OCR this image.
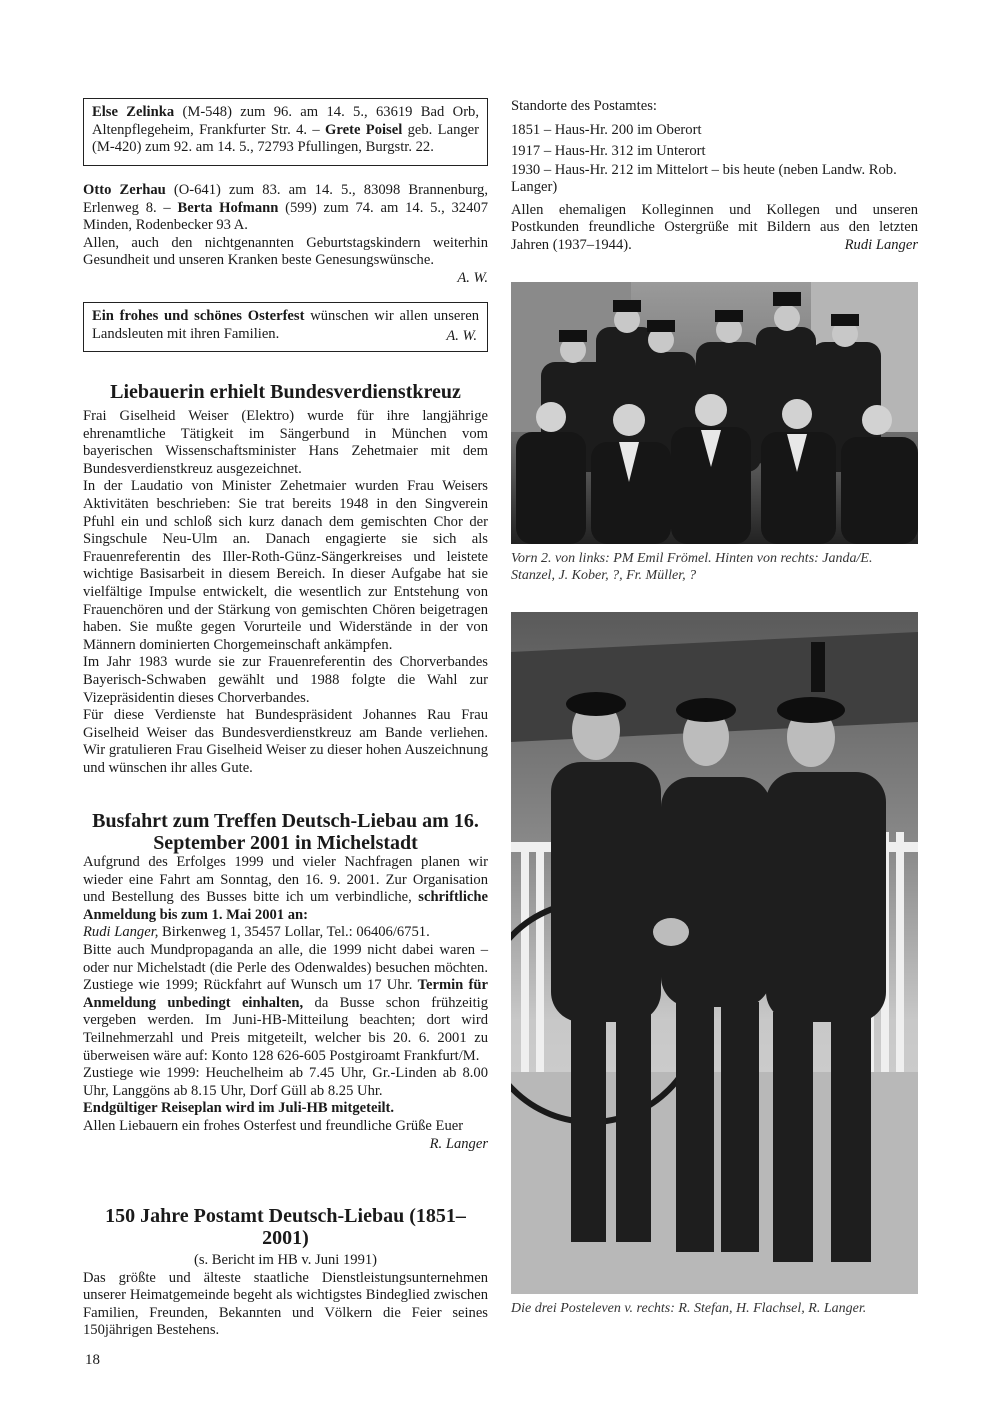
Else Zelinka (M-548) zum 96. am 14. 5., 63619 Bad Orb, Altenpflegeheim, Frankfurter Str. 4. – Grete Poisel geb. Langer (M-420) zum 92. am 14. 5., 72793 Pfullingen, Burgstr. 22.

Otto Zerhau (O-641) zum 83. am 14. 5., 83098 Brannenburg, Erlenweg 8. – Berta Hofmann (599) zum 74. am 14. 5., 32407 Minden, Rodenbecker 93 A.

Allen, auch den nichtgenannten Geburtstagskindern weiterhin Gesundheit und unseren Kranken beste Genesungswünsche.

A. W.

Ein frohes und schönes Osterfest wünschen wir allen unseren Landsleuten mit ihren Familien.	A. W.
Liebauerin erhielt Bundesverdienstkreuz

Frai Giselheid Weiser (Elektro) wurde für ihre langjährige ehrenamtliche Tätigkeit im Sängerbund in München vom bayerischen Wissenschaftsminister Hans Zehetmaier mit dem Bundesverdienstkreuz ausgezeichnet.

In der Laudatio von Minister Zehetmaier wurden Frau Weisers Aktivitäten beschrieben: Sie trat bereits 1948 in den Singverein Pfuhl ein und schloß sich kurz danach dem gemischten Chor der Singschule Neu-Ulm an. Danach engagierte sie sich als Frauenreferentin des Iller-Roth-Günz-Sängerkreises und leistete wichtige Basisarbeit in diesem Bereich. In dieser Aufgabe hat sie vielfältige Impulse entwickelt, die wesentlich zur Entstehung von Frauenchören und der Stärkung von gemischten Chören beigetragen haben. Sie mußte gegen Vorurteile und Widerstände in der von Männern dominierten Chorgemeinschaft ankämpfen.

Im Jahr 1983 wurde sie zur Frauenreferentin des Chorverbandes Bayerisch-Schwaben gewählt und 1988 folgte die Wahl zur Vizepräsidentin dieses Chorverbandes.

Für diese Verdienste hat Bundespräsident Johannes Rau Frau Giselheid Weiser das Bundesverdienstkreuz am Bande verliehen. Wir gratulieren Frau Giselheid Weiser zu dieser hohen Auszeichnung und wünschen ihr alles Gute.

Busfahrt zum Treffen Deutsch-Liebau am 16. September 2001 in Michelstadt

Aufgrund des Erfolges 1999 und vieler Nachfragen planen wir wieder eine Fahrt am Sonntag, den 16. 9. 2001. Zur Organisation und Bestellung des Busses bitte ich um verbindliche, schriftliche Anmeldung bis zum 1. Mai 2001 an:

Rudi Langer, Birkenweg 1, 35457 Lollar, Tel.: 06406/6751.

Bitte auch Mundpropaganda an alle, die 1999 nicht dabei waren – oder nur Michelstadt (die Perle des Odenwaldes) besuchen möchten. Zustiege wie 1999; Rückfahrt auf Wunsch um 17 Uhr. Termin für Anmeldung unbedingt einhalten, da Busse schon frühzeitig vergeben werden. Im Juni-HB-Mitteilung beachten; dort wird Teilnehmerzahl und Preis mitgeteilt, welcher bis 20. 6. 2001 zu überweisen wäre auf: Konto 128 626-605 Postgiroamt Frankfurt/M.

Zustiege wie 1999: Heuchelheim ab 7.45 Uhr, Gr.-Linden ab 8.00 Uhr, Langgöns ab 8.15 Uhr, Dorf Güll ab 8.25 Uhr.

Endgültiger Reiseplan wird im Juli-HB mitgeteilt.

Allen Liebauern ein frohes Osterfest und freundliche Grüße Euer

R. Langer

150 Jahre Postamt Deutsch-Liebau (1851–2001)

(s. Bericht im HB v. Juni 1991)

Das größte und älteste staatliche Dienstleistungsunternehmen unserer Heimatgemeinde begeht als wichtigstes Bindeglied zwischen Familien, Freunden, Bekannten und Völkern die Feier seines 150jährigen Bestehens.

Standorte des Postamtes:

1851 – Haus-Hr. 200 im Oberort
1917 – Haus-Hr. 312 im Unterort
1930 – Haus-Hr. 212 im Mittelort – bis heute (neben Landw. Rob. Langer)

Allen ehemaligen Kolleginnen und Kollegen und unseren Postkunden freundliche Ostergrüße mit Bildern aus den letzten Jahren (1937–1944).	Rudi Langer

Vorn 2. von links: PM Emil Frömel. Hinten von rechts: Janda/E. Stanzel, J. Kober, ?, Fr. Müller, ?
Die drei Posteleven v. rechts: R. Stefan, H. Flachsel, R. Langer.
18
